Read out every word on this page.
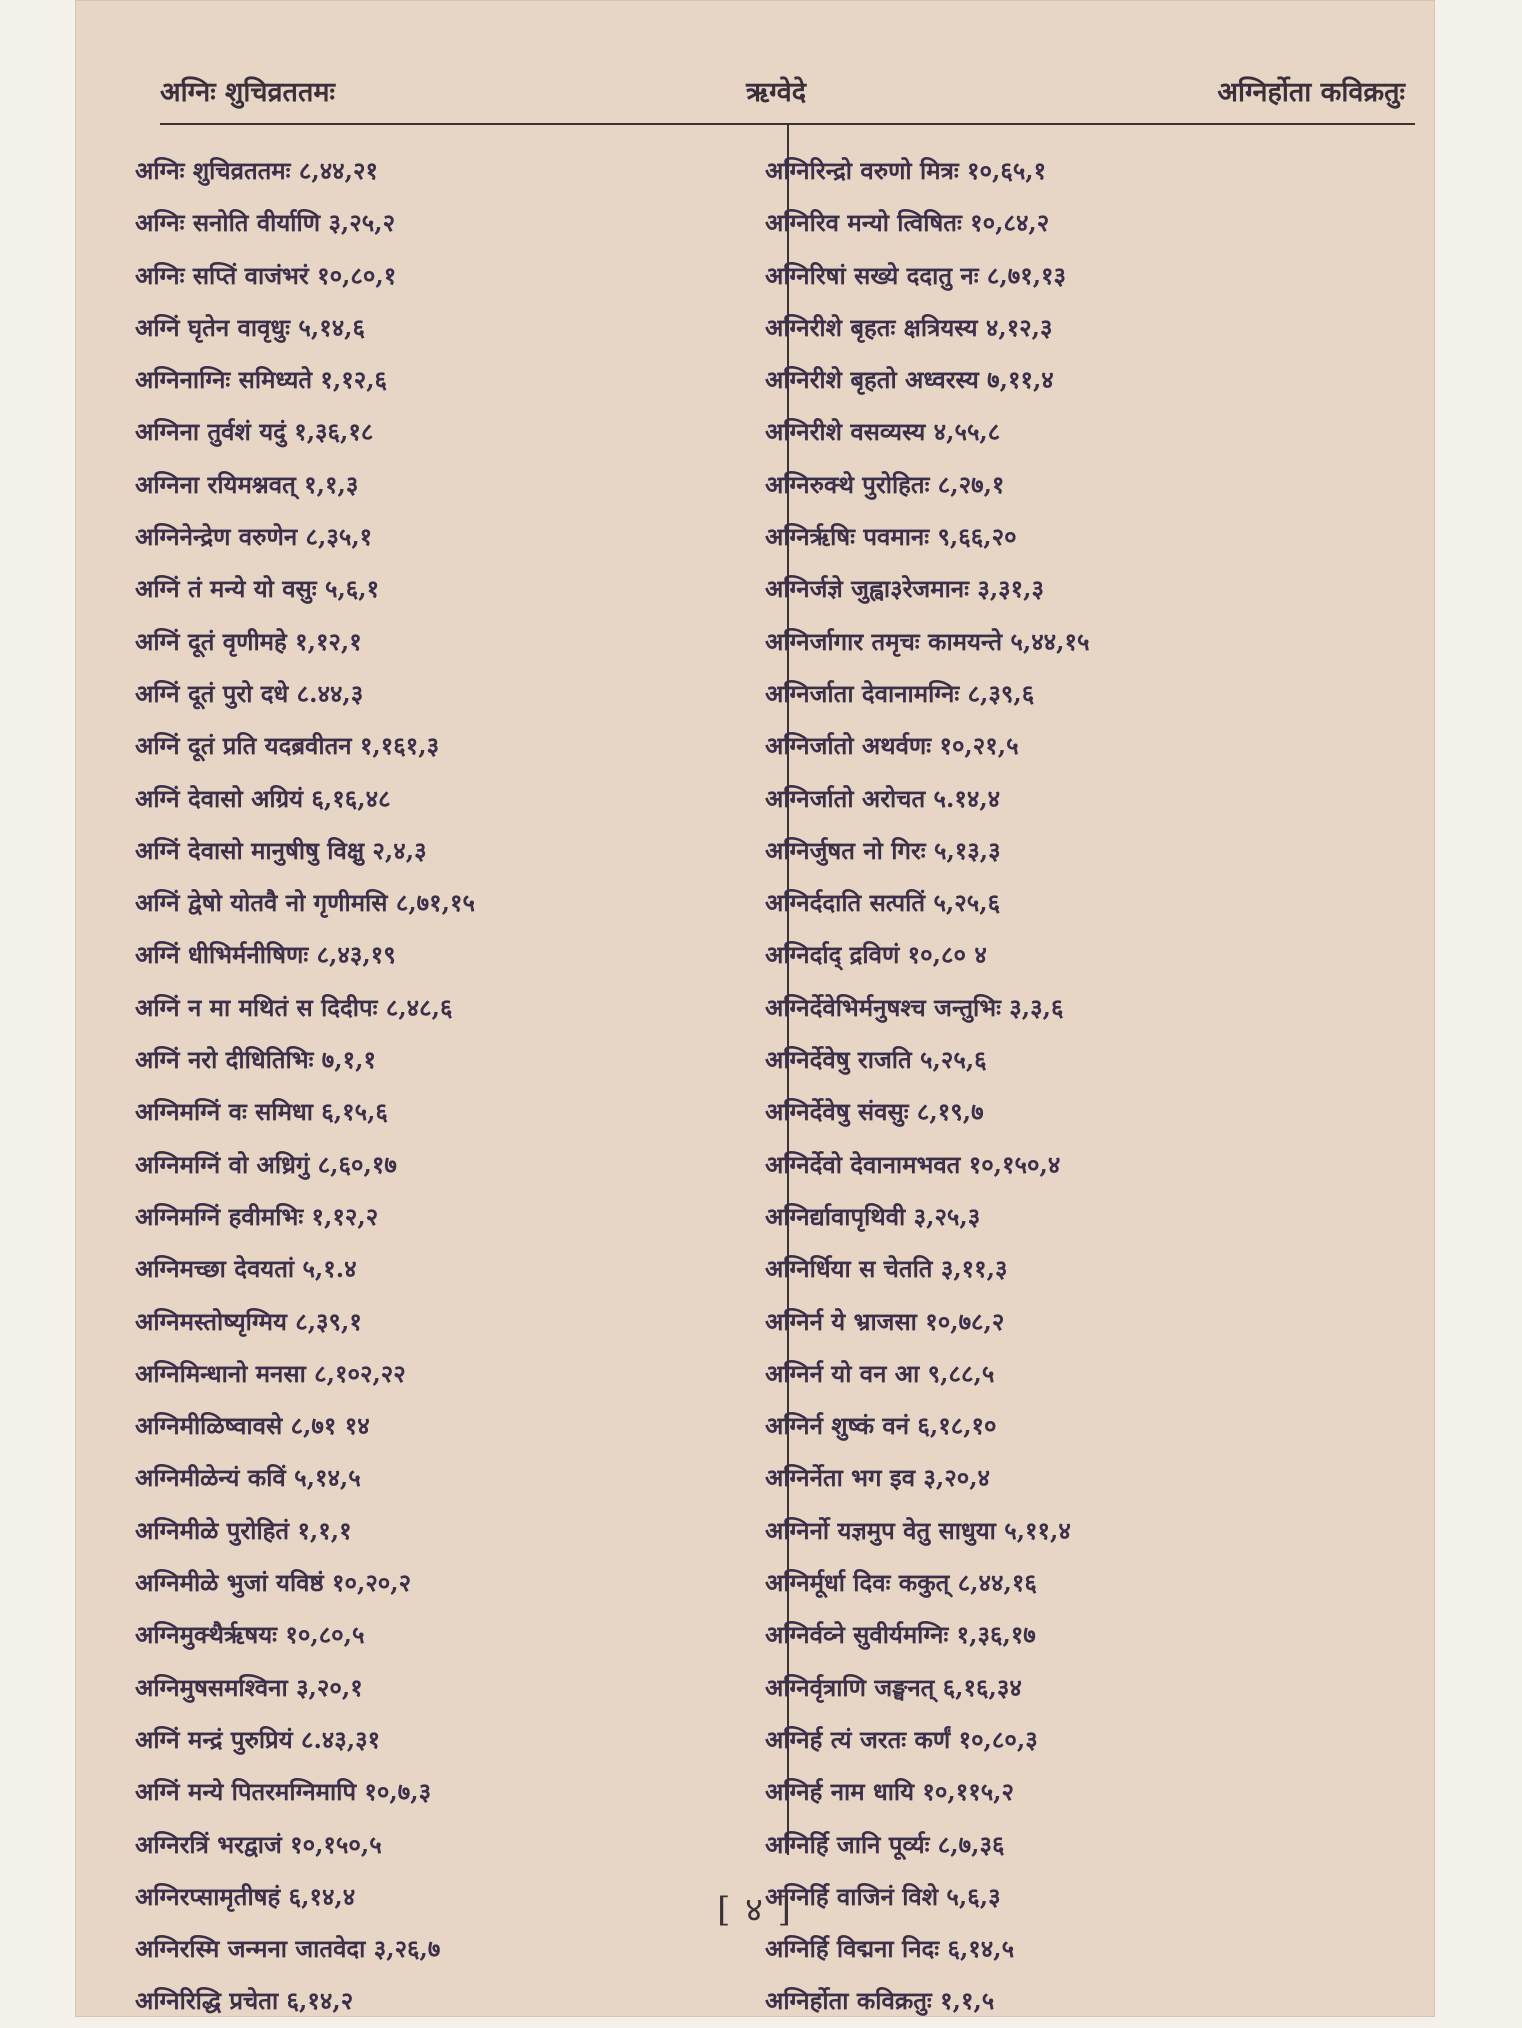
अग्निः शुचिव्रततमः	ऋग्वेदे	अग्निर्होता कविक्रतुः
अग्निः शुचिव्रततमः ८,४४,२१
अग्निः सनोति वीर्याणि ३,२५,२
अग्निः सप्तिं वाजंभरं १०,८०,१
अग्निं घृतेन वावृधुः ५,१४,६
अग्निनाग्निः समिध्यते १,१२,६
अग्निना तुर्वशं यदुं १,३६,१८
अग्निना रयिमश्नवत् १,१,३
अग्निनेन्द्रेण वरुणेन ८,३५,१
अग्निं तं मन्ये यो वसुः ५,६,१
अग्निं दूतं वृणीमहे १,१२,१
अग्निं दूतं पुरो दधे ८.४४,३
अग्निं दूतं प्रति यदब्रवीतन १,१६१,३
अग्निं देवासो अग्रियं ६,१६,४८
अग्निं देवासो मानुषीषु विक्षु २,४,३
अग्निं द्वेषो योतवै नो गृणीमसि ८,७१,१५
अग्निं धीभिर्मनीषिणः ८,४३,१९
अग्निं न मा मथितं स दिदीपः ८,४८,६
अग्निं नरो दीधितिभिः ७,१,१
अग्निमग्निं वः समिधा ६,१५,६
अग्निमग्निं वो अध्रिगुं ८,६०,१७
अग्निमग्निं हवीमभिः १,१२,२
अग्निमच्छा देवयतां ५,१.४
अग्निमस्तोष्यृग्मिय ८,३९,१
अग्निमिन्धानो मनसा ८,१०२,२२
अग्निमीळिष्वावसे ८,७१ १४
अग्निमीळेन्यं कविं ५,१४,५
अग्निमीळे पुरोहितं १,१,१
अग्निमीळे भुजां यविष्ठं १०,२०,२
अग्निमुक्थैर्ऋषयः १०,८०,५
अग्निमुषसमश्विना ३,२०,१
अग्निं मन्द्रं पुरुप्रियं ८.४३,३१
अग्निं मन्ये पितरमग्निमापि १०,७,३
अग्निरत्रिं भरद्वाजं १०,१५०,५
अग्निरप्सामृतीषहं ६,१४,४
अग्निरस्मि जन्मना जातवेदा ३,२६,७
अग्निरिद्धि प्रचेता ६,१४,२
अग्निरिन्द्रो वरुणो मित्रः १०,६५,१
अग्निरिव मन्यो त्विषितः १०,८४,२
अग्निरिषां सख्ये ददातु नः ८,७१,१३
अग्निरीशे बृहतः क्षत्रियस्य ४,१२,३
अग्निरीशे बृहतो अध्वरस्य ७,११,४
अग्निरीशे वसव्यस्य ४,५५,८
अग्निरुक्थे पुरोहितः ८,२७,१
अग्निर्ऋषिः पवमानः ९,६६,२०
अग्निर्जज्ञे जुह्वा३रेजमानः ३,३१,३
अग्निर्जागार तमृचः कामयन्ते ५,४४,१५
अग्निर्जाता देवानामग्निः ८,३९,६
अग्निर्जातो अथर्वणः १०,२१,५
अग्निर्जातो अरोचत ५.१४,४
अग्निर्जुषत नो गिरः ५,१३,३
अग्निर्ददाति सत्पतिं ५,२५,६
अग्निर्दाद् द्रविणं १०,८० ४
अग्निर्देवेभिर्मनुषश्च जन्तुभिः ३,३,६
अग्निर्देवेषु राजति ५,२५,६
अग्निर्देवेषु संवसुः ८,१९,७
अग्निर्देवो देवानामभवत १०,१५०,४
अग्निर्द्यावापृथिवी ३,२५,३
अग्निर्धिया स चेतति ३,११,३
अग्निर्न ये भ्राजसा १०,७८,२
अग्निर्न यो वन आ ९,८८,५
अग्निर्न शुष्कं वनं ६,१८,१०
अग्निर्नेता भग इव ३,२०,४
अग्निर्नो यज्ञमुप वेतु साधुया ५,११,४
अग्निर्मूर्धा दिवः ककुत् ८,४४,१६
अग्निर्वव्ने सुवीर्यमग्निः १,३६,१७
अग्निर्वृत्राणि जङ्घनत् ६,१६,३४
अग्निर्ह त्यं जरतः कर्णं १०,८०,३
अग्निर्ह नाम धायि १०,११५,२
अग्निर्हि जानि पूर्व्यः ८,७,३६
अग्निर्हि वाजिनं विशे ५,६,३
अग्निर्हि विद्मना निदः ६,१४,५
अग्निर्होता कविक्रतुः १,१,५
[ ४ ]
